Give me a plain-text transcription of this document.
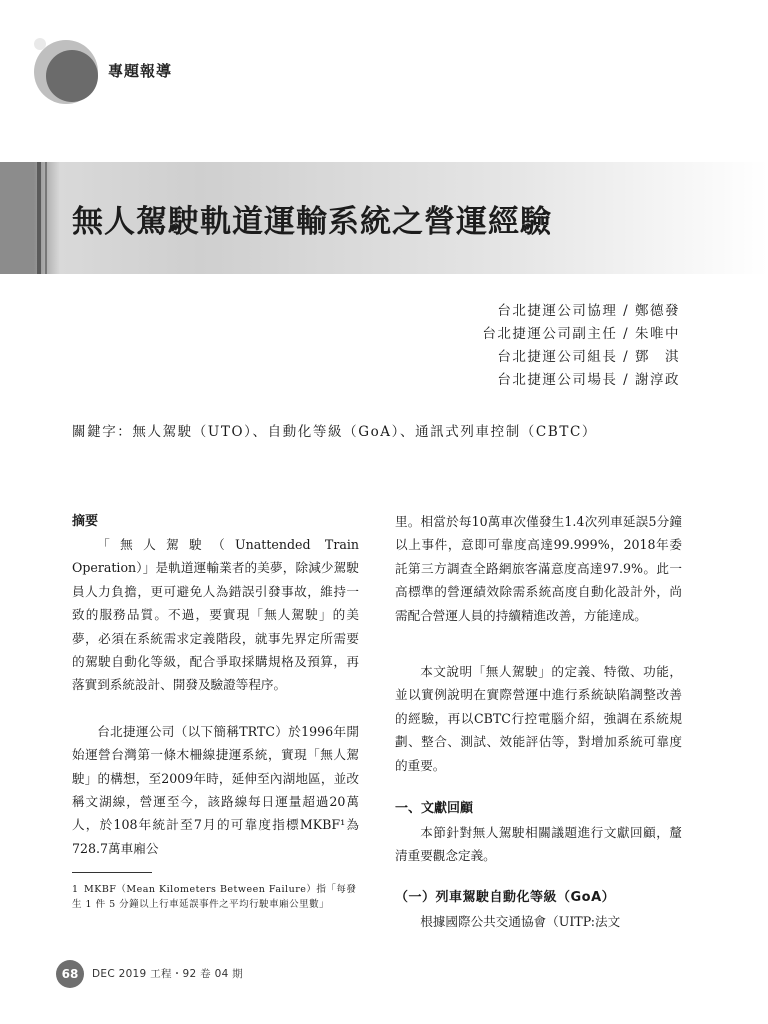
專題報導
無人駕駛軌道運輸系統之營運經驗
台北捷運公司協理 / 鄭德發
台北捷運公司副主任 / 朱唯中
台北捷運公司組長 / 鄧　淇
台北捷運公司場長 / 謝淳政
關鍵字：無人駕駛（UTO）、自動化等級（GoA）、通訊式列車控制（CBTC）
摘要

「無人駕駛（Unattended Train Operation）」是軌道運輸業者的美夢，除減少駕駛員人力負擔，更可避免人為錯誤引發事故，維持一致的服務品質。不過，要實現「無人駕駛」的美夢，必須在系統需求定義階段，就事先界定所需要的駕駛自動化等級，配合爭取採購規格及預算，再落實到系統設計、開發及驗證等程序。

台北捷運公司（以下簡稱TRTC）於1996年開始運營台灣第一條木柵線捷運系統，實現「無人駕駛」的構想，至2009年時，延伸至內湖地區，並改稱文湖線，營運至今，該路線每日運量超過20萬人，於108年統計至7月的可靠度指標MKBF¹為728.7萬車廂公

1 MKBF（Mean Kilometers Between Failure）指「每發生 1 件 5 分鐘以上行車延誤事件之平均行駛車廂公里數」

里。相當於每10萬車次僅發生1.4次列車延誤5分鐘以上事件，意即可靠度高達99.999%，2018年委託第三方調查全路網旅客滿意度高達97.9%。此一高標準的營運績效除需系統高度自動化設計外，尚需配合營運人員的持續精進改善，方能達成。

本文說明「無人駕駛」的定義、特徵、功能，並以實例說明在實際營運中進行系統缺陷調整改善的經驗，再以CBTC行控電腦介紹，強調在系統規劃、整合、測試、效能評估等，對增加系統可靠度的重要。

一、文獻回顧

本節針對無人駕駛相關議題進行文獻回顧，釐清重要觀念定義。

（一）列車駕駛自動化等級（GoA）

根據國際公共交通協會（UITP:法文

68	DEC 2019 工程・92 卷 04 期
